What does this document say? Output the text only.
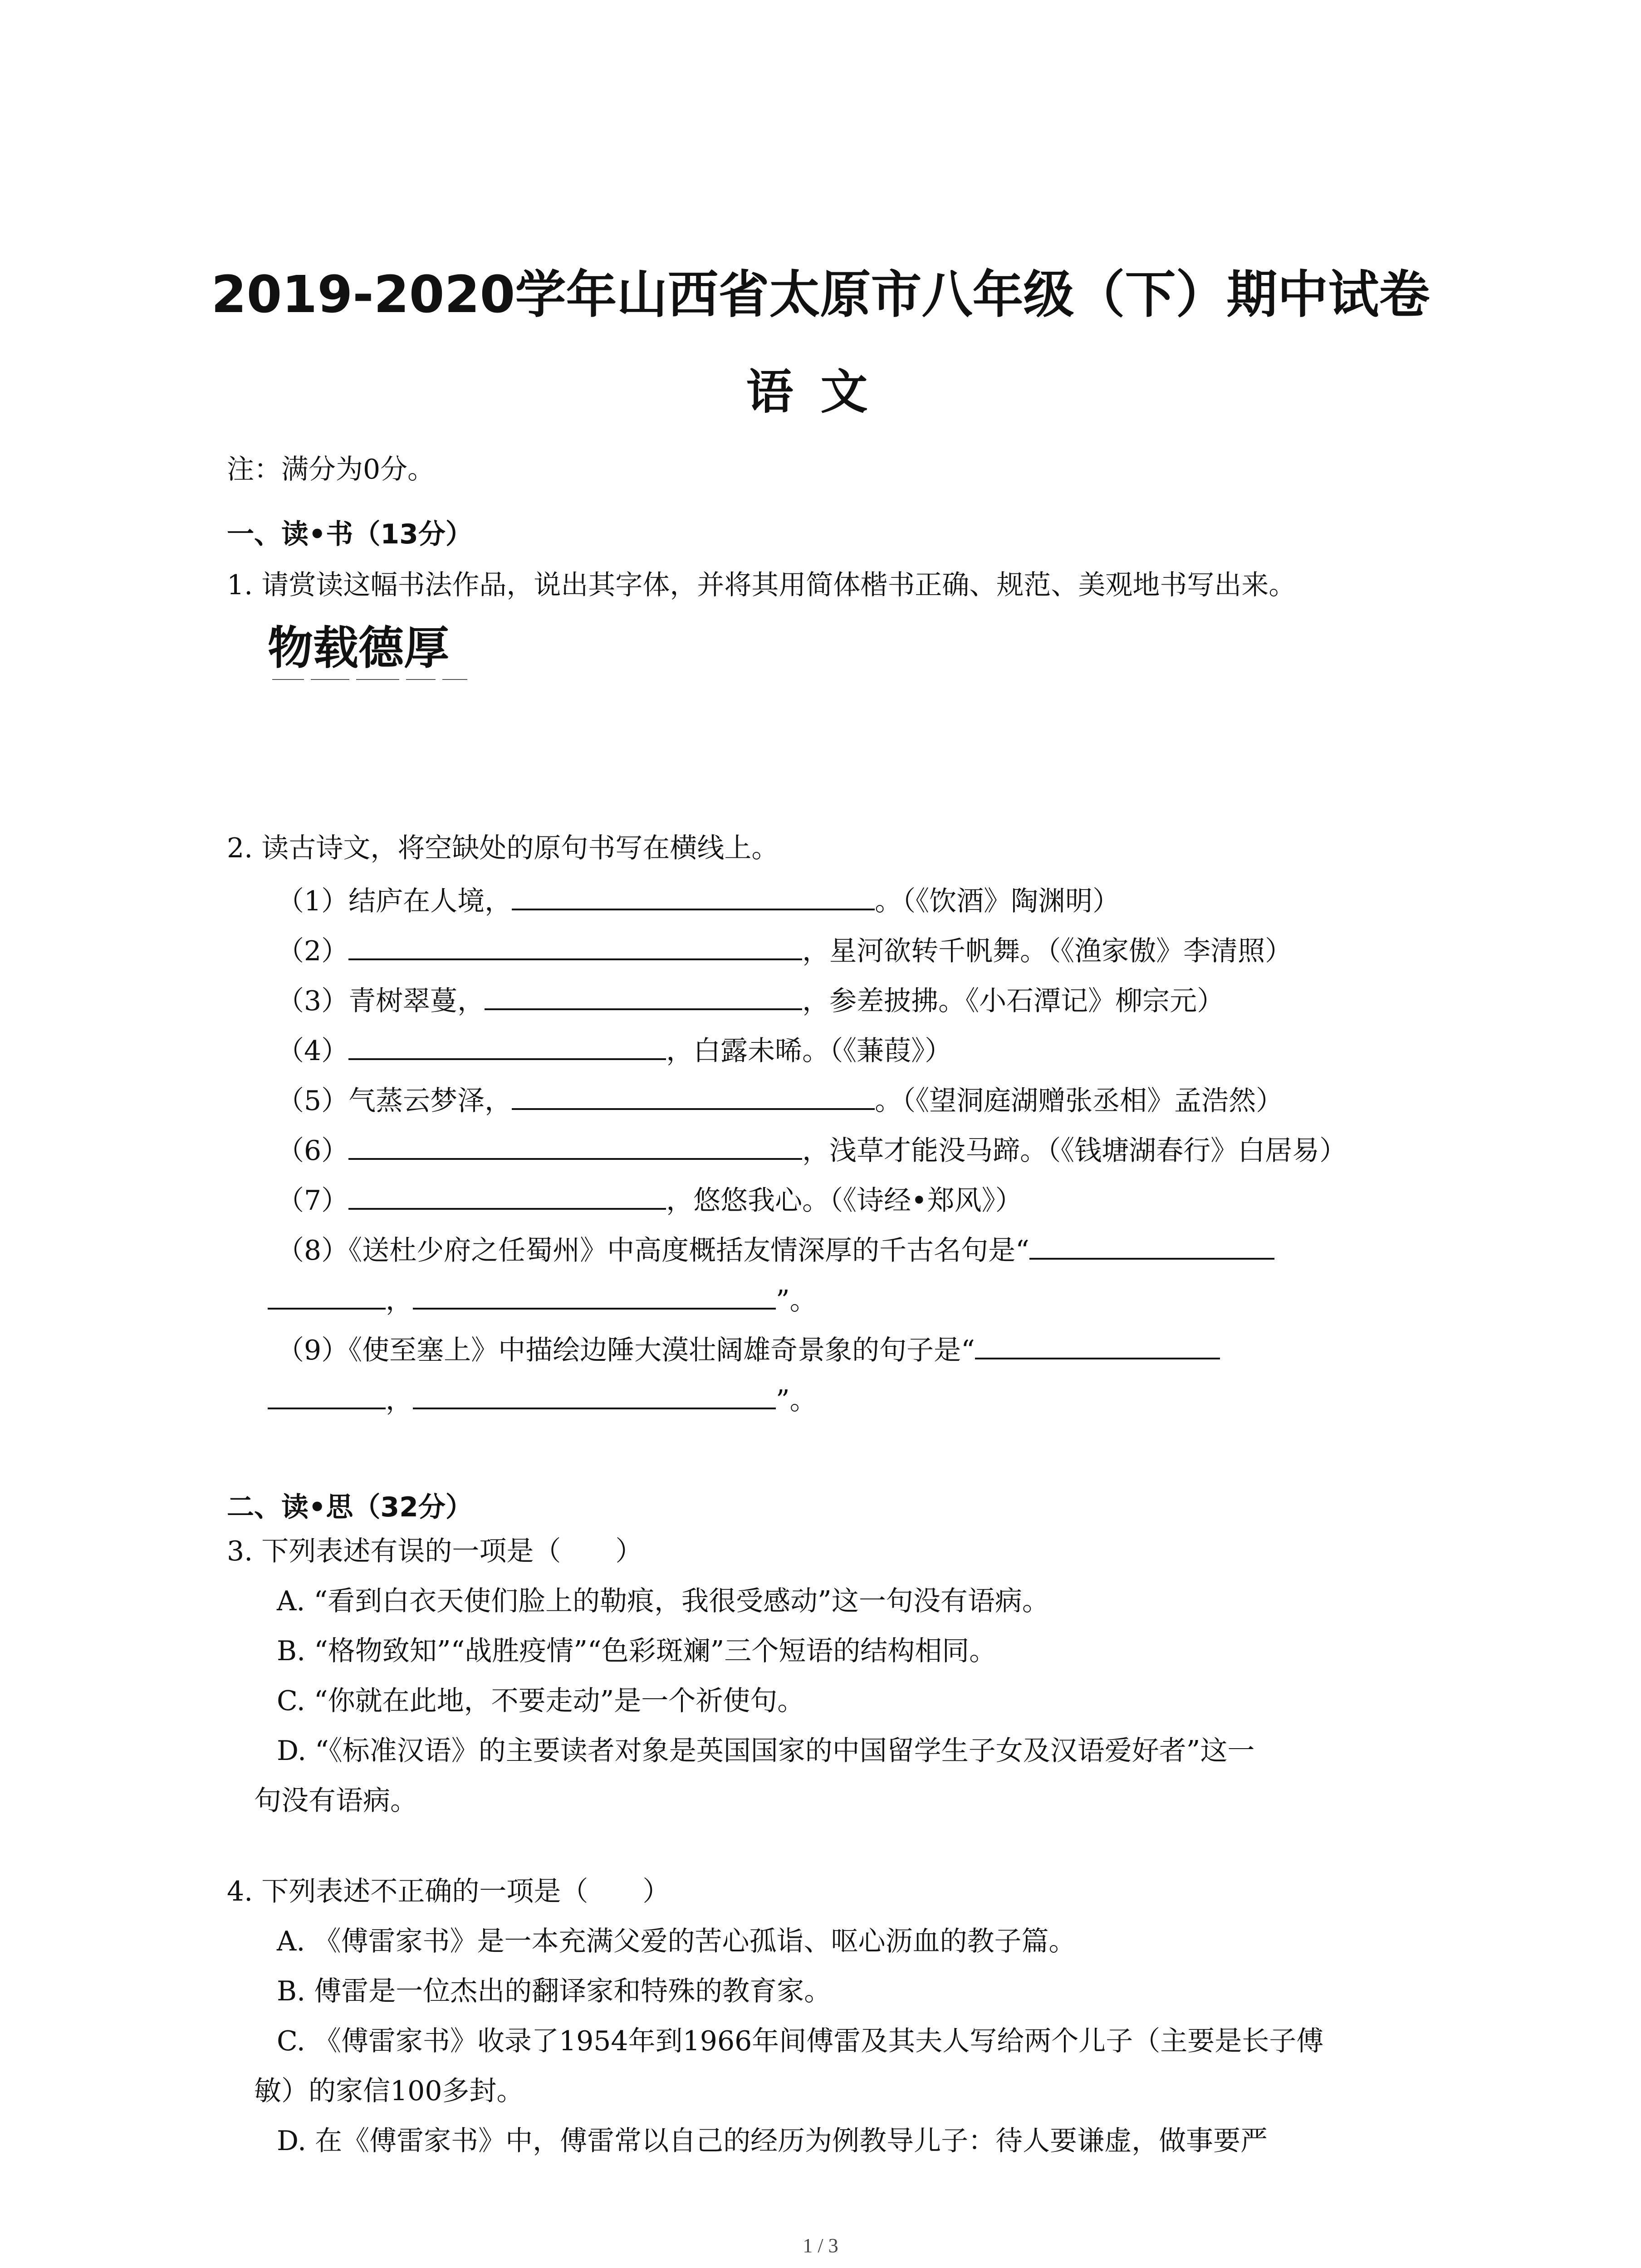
2019-2020学年山西省太原市八年级（下）期中试卷
语文
注：满分为0分。
一、读•书（13分）
1. 请赏读这幅书法作品，说出其字体，并将其用简体楷书正确、规范、美观地书写出来。
物载德厚
2. 读古诗文，将空缺处的原句书写在横线上。
（1）结庐在人境，	。（《饮酒》陶渊明）
（2）	，星河欲转千帆舞。（《渔家傲》李清照）
（3）青树翠蔓，	，参差披拂。《小石潭记》柳宗元）
（4）	，白露未晞。（《蒹葭》）
（5）气蒸云梦泽，	。（《望洞庭湖赠张丞相》孟浩然）
（6）	，浅草才能没马蹄。（《钱塘湖春行》白居易）
（7）	，悠悠我心。（《诗经•郑风》）
（8）《送杜少府之任蜀州》中高度概括友情深厚的千古名句是“
，	”。
（9）《使至塞上》中描绘边陲大漠壮阔雄奇景象的句子是“
，	”。
二、读•思（32分）
3. 下列表述有误的一项是（　　）
A. “看到白衣天使们脸上的勒痕，我很受感动”这一句没有语病。
B. “格物致知”“战胜疫情”“色彩斑斓”三个短语的结构相同。
C. “你就在此地，不要走动”是一个祈使句。
D. “《标准汉语》的主要读者对象是英国国家的中国留学生子女及汉语爱好者”这一
句没有语病。
4. 下列表述不正确的一项是（　　）
A. 《傅雷家书》是一本充满父爱的苦心孤诣、呕心沥血的教子篇。
B. 傅雷是一位杰出的翻译家和特殊的教育家。
C. 《傅雷家书》收录了1954年到1966年间傅雷及其夫人写给两个儿子（主要是长子傅
敏）的家信100多封。
D. 在《傅雷家书》中，傅雷常以自己的经历为例教导儿子：待人要谦虚，做事要严
1 / 3
